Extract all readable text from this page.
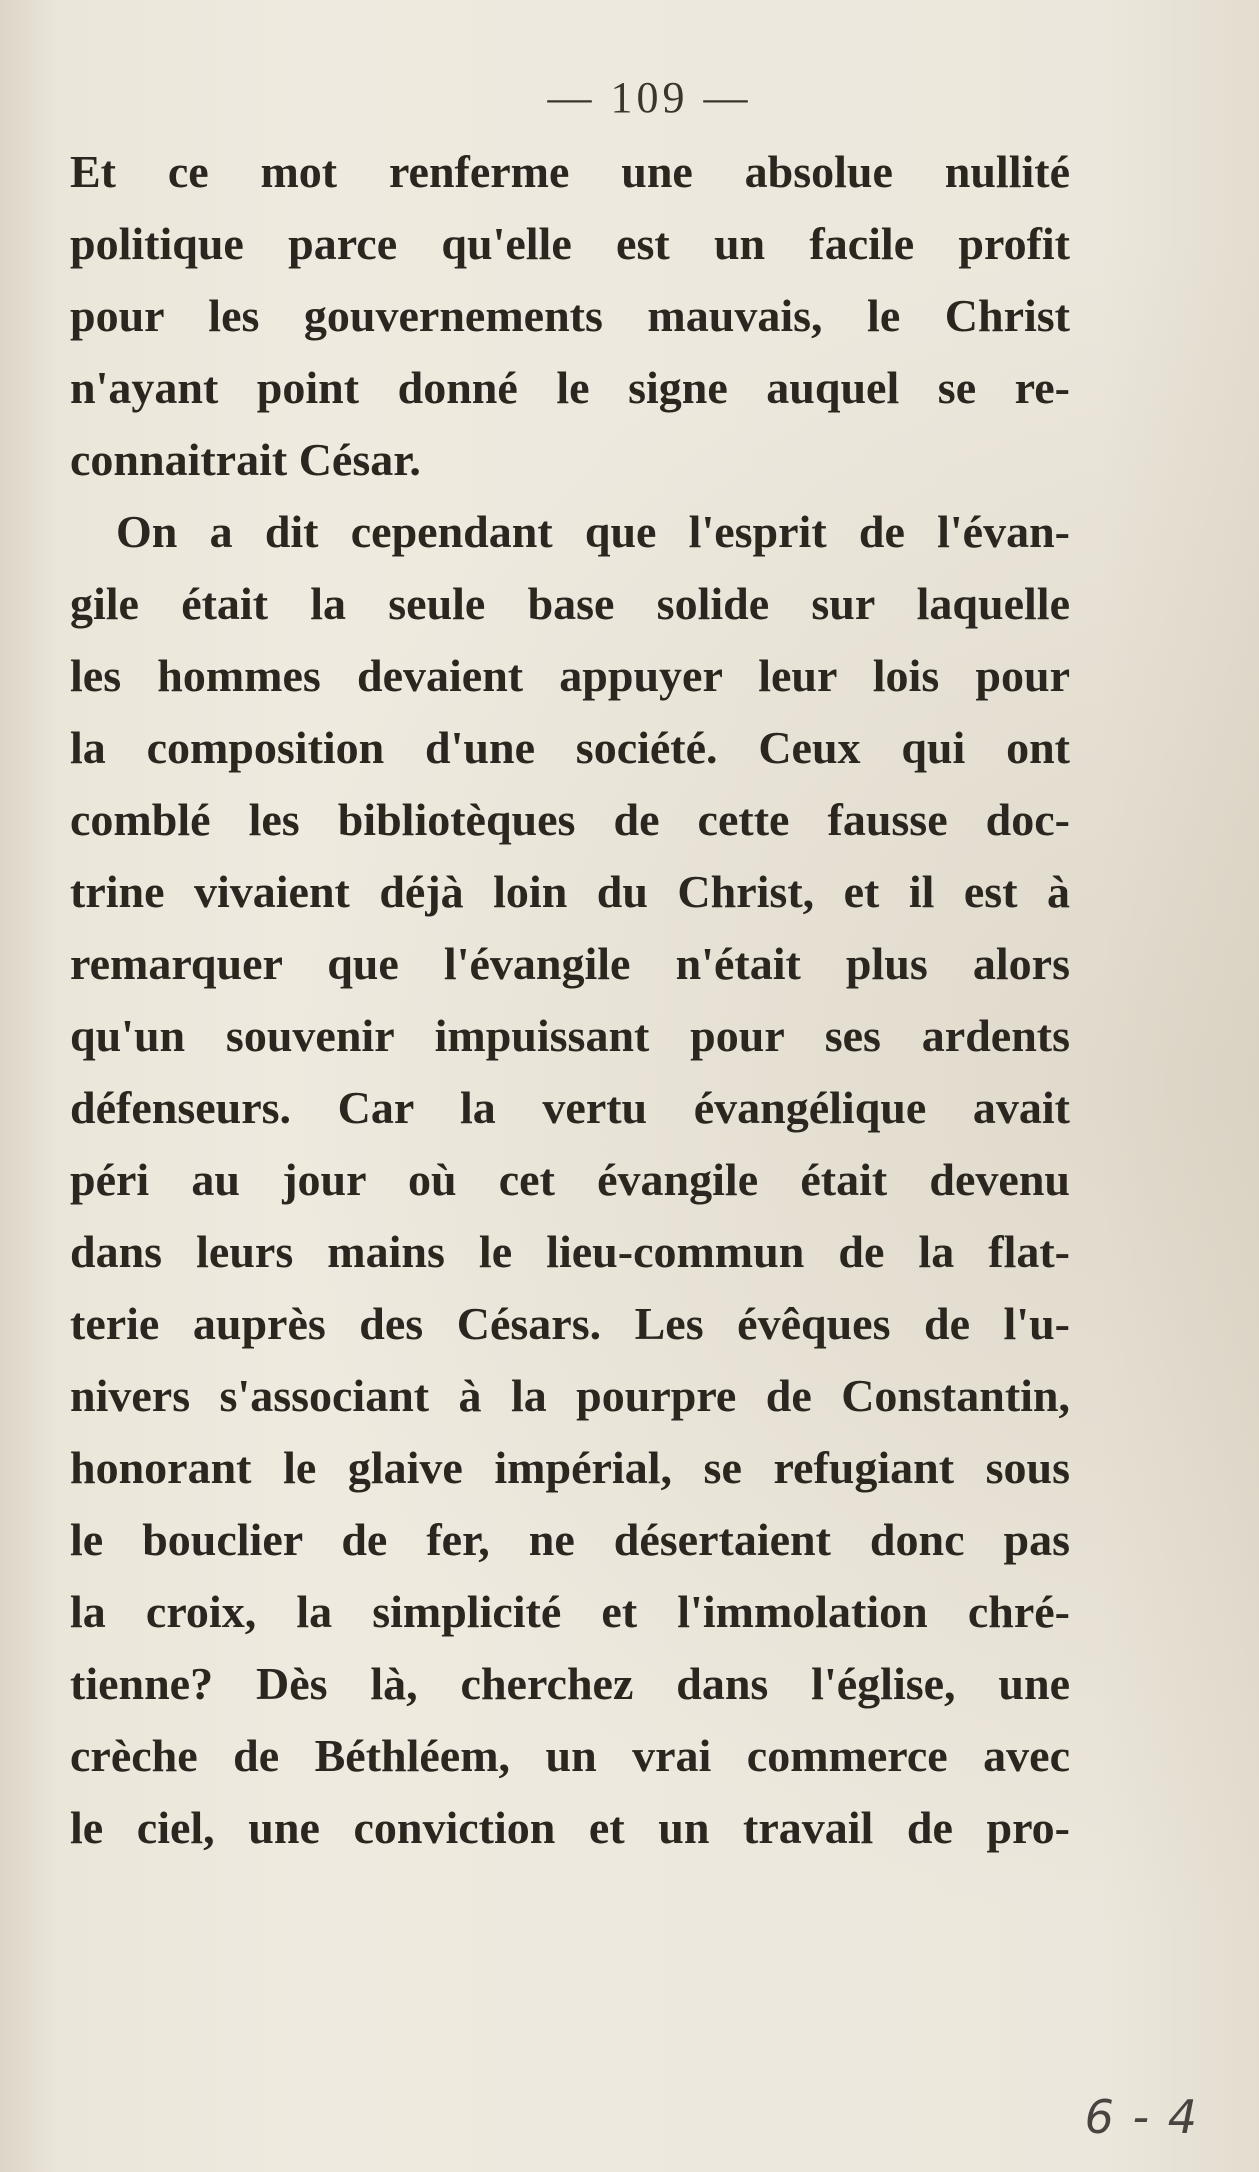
— 109 —
Et ce mot renferme une absolue nullité
politique parce qu'elle est un facile profit
pour les gouvernements mauvais, le Christ
n'ayant point donné le signe auquel se re-
connaitrait César.
On a dit cependant que l'esprit de l'évan-
gile était la seule base solide sur laquelle
les hommes devaient appuyer leur lois pour
la composition d'une société. Ceux qui ont
comblé les bibliotèques de cette fausse doc-
trine vivaient déjà loin du Christ, et il est à
remarquer que l'évangile n'était plus alors
qu'un souvenir impuissant pour ses ardents
défenseurs. Car la vertu évangélique avait
péri au jour où cet évangile était devenu
dans leurs mains le lieu-commun de la flat-
terie auprès des Césars. Les évêques de l'u-
nivers s'associant à la pourpre de Constantin,
honorant le glaive impérial, se refugiant sous
le bouclier de fer, ne désertaient donc pas
la croix, la simplicité et l'immolation chré-
tienne? Dès là, cherchez dans l'église, une
crèche de Béthléem, un vrai commerce avec
le ciel, une conviction et un travail de pro-
6 - 4
